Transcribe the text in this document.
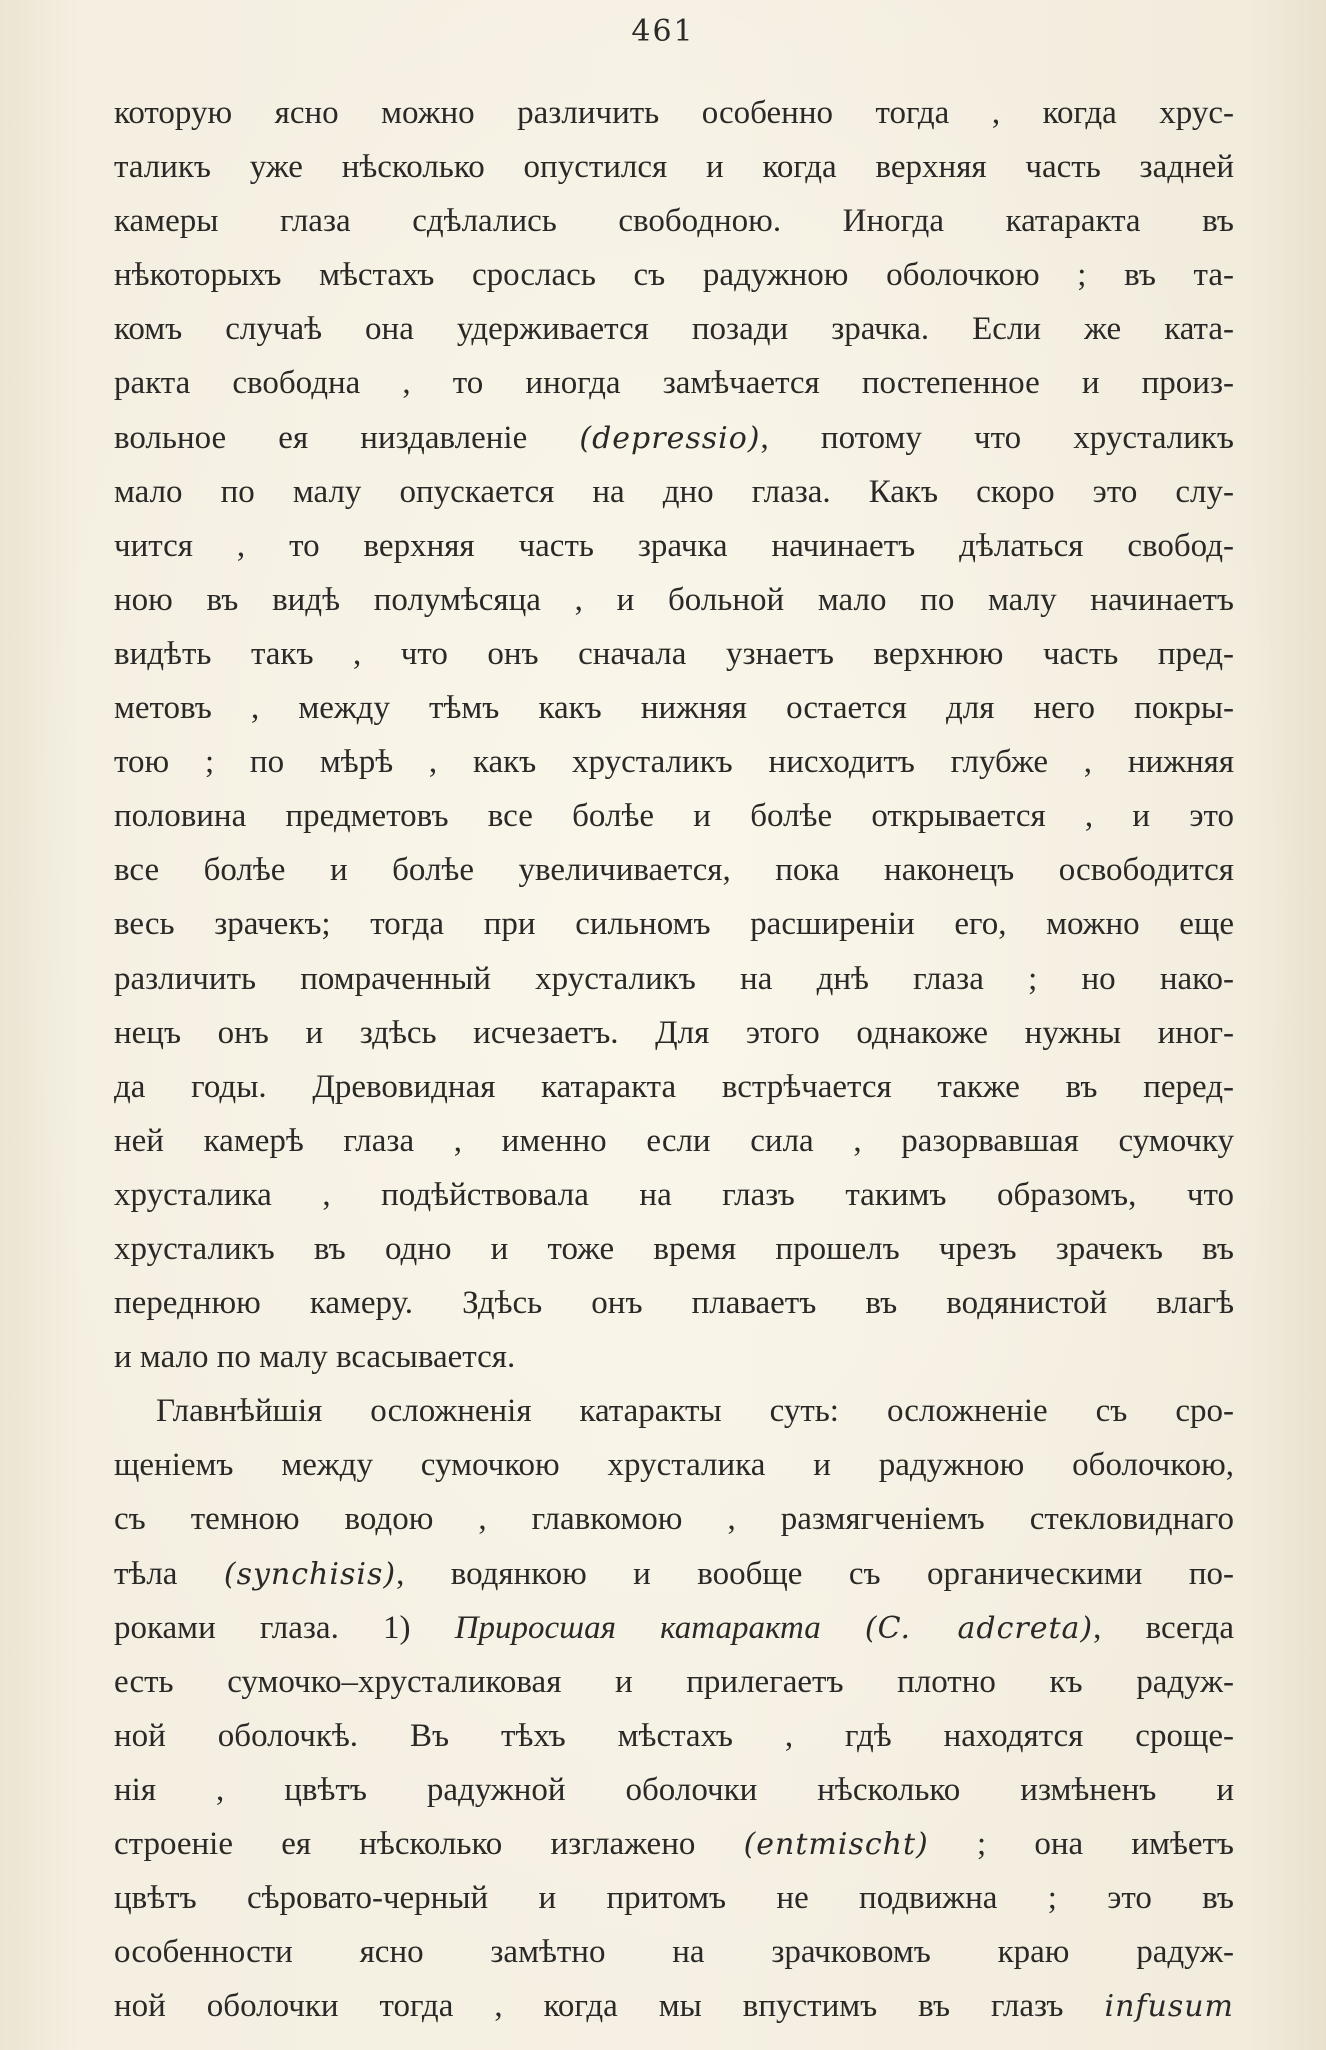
461
которую ясно можно различить особенно тогда , когда хрус-
таликъ уже нѣсколько опустился и когда верхняя часть задней
камеры глаза сдѣлались свободною. Иногда катаракта въ
нѣкоторыхъ мѣстахъ срослась съ радужною оболочкою ; въ та-
комъ случаѣ она удерживается позади зрачка. Если же ката-
ракта свободна , то иногда замѣчается постепенное и произ-
вольное ея низдавленіе (depressio), потому что хрусталикъ
мало по малу опускается на дно глаза. Какъ скоро это слу-
чится , то верхняя часть зрачка начинаетъ дѣлаться свобод-
ною въ видѣ полумѣсяца , и больной мало по малу начинаетъ
видѣть такъ , что онъ сначала узнаетъ верхнюю часть пред-
метовъ , между тѣмъ какъ нижняя остается для него покры-
тою ; по мѣрѣ , какъ хрусталикъ нисходитъ глубже , нижняя
половина предметовъ все болѣе и болѣе открывается , и это
все болѣе и болѣе увеличивается, пока наконецъ освободится
весь зрачекъ; тогда при сильномъ расширеніи его, можно еще
различить помраченный хрусталикъ на днѣ глаза ; но нако-
нецъ онъ и здѣсь исчезаетъ. Для этого однакоже нужны иног-
да годы. Древовидная катаракта встрѣчается также въ перед-
ней камерѣ глаза , именно если сила , разорвавшая сумочку
хрусталика , подѣйствовала на глазъ такимъ образомъ, что
хрусталикъ въ одно и тоже время прошелъ чрезъ зрачекъ въ
переднюю камеру. Здѣсь онъ плаваетъ въ водянистой влагѣ
и мало по малу всасывается.
Главнѣйшія осложненія катаракты суть: осложненіе съ сро-
щеніемъ между сумочкою хрусталика и радужною оболочкою,
съ темною водою , главкомою , размягченіемъ стекловиднаго
тѣла (synchisis), водянкою и вообще съ органическими по-
роками глаза. 1) Приросшая катаракта (C. adcreta), всегда
есть сумочко–хрусталиковая и прилегаетъ плотно къ радуж-
ной оболочкѣ. Въ тѣхъ мѣстахъ , гдѣ находятся сроще-
нія , цвѣтъ радужной оболочки нѣсколько измѣненъ и
строеніе ея нѣсколько изглажено (entmischt) ; она имѣетъ
цвѣтъ сѣровато-черный и притомъ не подвижна ; это въ
особенности ясно замѣтно на зрачковомъ краю радуж-
ной оболочки тогда , когда мы впустимъ въ глазъ infusum
